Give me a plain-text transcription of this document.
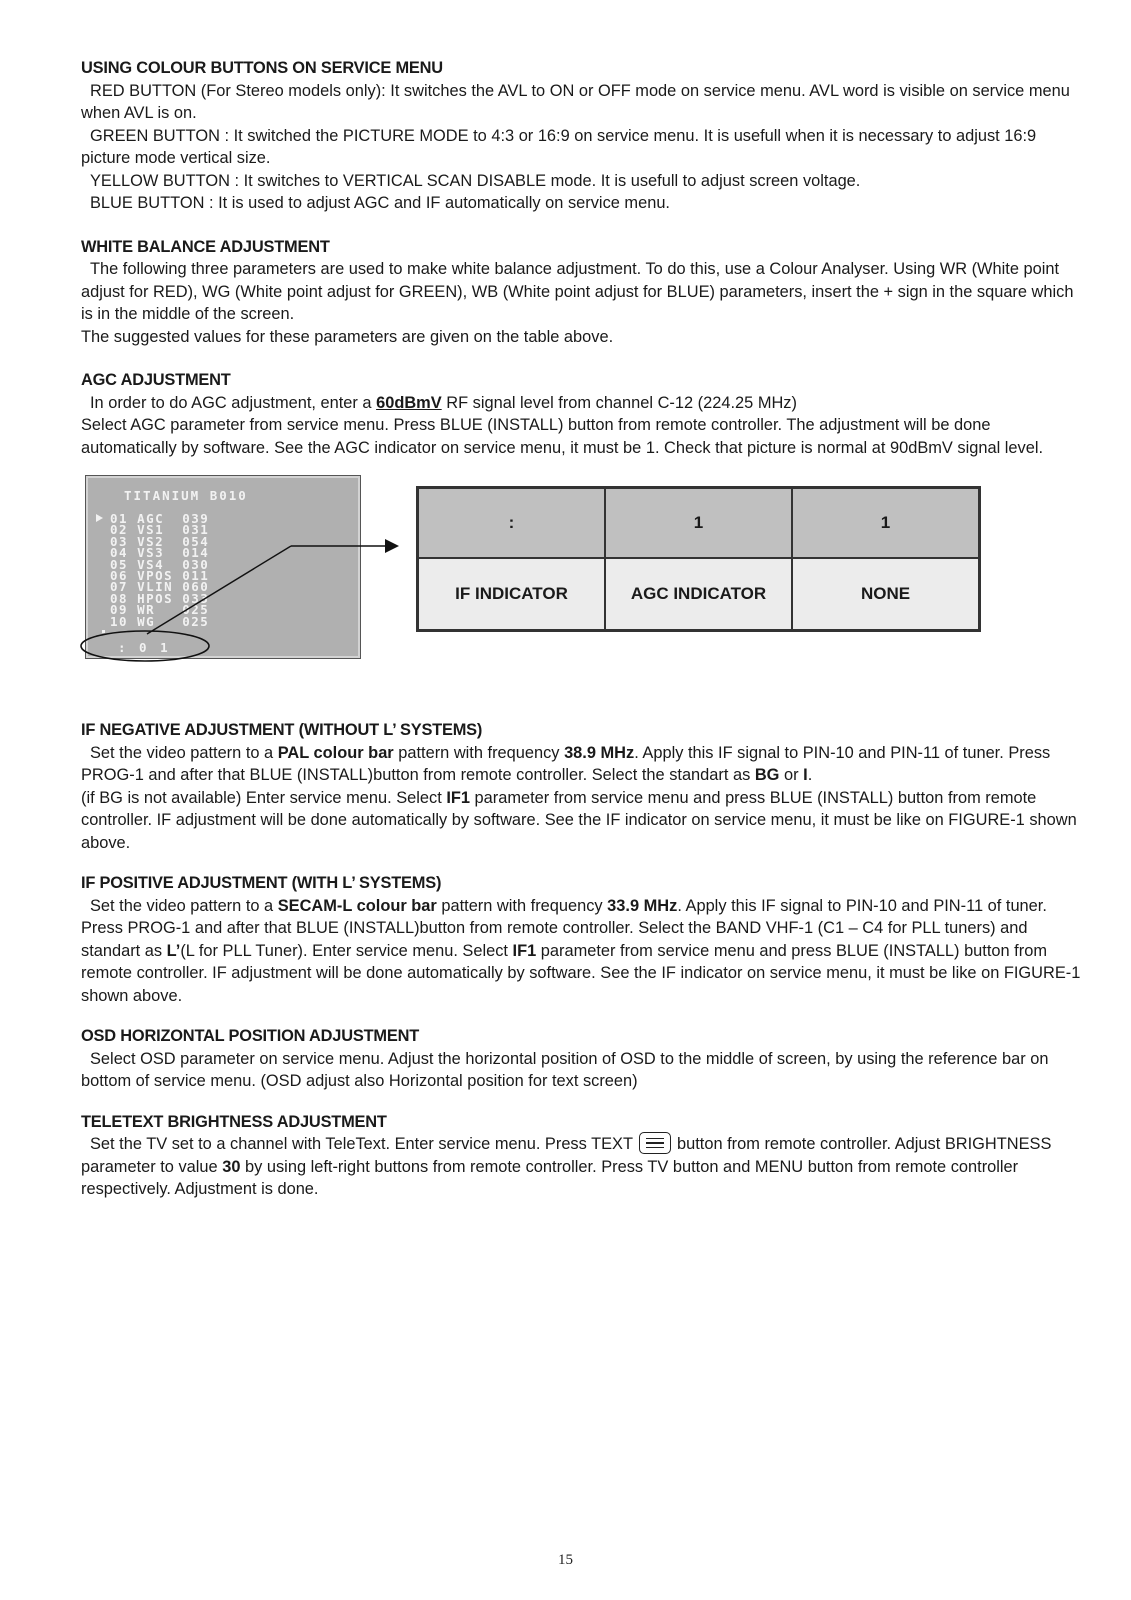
USING COLOUR BUTTONS ON SERVICE MENU

RED BUTTON (For Stereo models only): It switches the AVL to ON or OFF mode on service menu. AVL word is visible on service menu when AVL is on.

GREEN BUTTON : It switched the PICTURE MODE to 4:3 or 16:9 on service menu. It is usefull when it is necessary to adjust 16:9 picture mode vertical size.

YELLOW BUTTON : It switches to VERTICAL SCAN DISABLE mode. It is usefull to adjust screen voltage.

BLUE BUTTON : It is used to adjust AGC and IF automatically on service menu.

WHITE BALANCE ADJUSTMENT

The following three parameters are used to make white balance adjustment. To do this, use a Colour Analyser. Using WR (White point adjust for RED), WG (White point adjust for GREEN), WB (White point adjust for BLUE) parameters, insert the + sign in the square which is in the middle of the screen.

The suggested values for these parameters are given on the table above.

AGC ADJUSTMENT

In order to do AGC adjustment, enter a 60dBmV RF signal level from channel C-12 (224.25 MHz)

Select AGC parameter from service menu. Press BLUE (INSTALL) button from remote controller. The adjustment will be done automatically by software. See the AGC indicator on service menu, it must be 1. Check that picture is normal at 90dBmV signal level.

TITANIUM B010
01 AGC  039
02 VS1  031
03 VS2  054
04 VS3  014
05 VS4  030
06 VPOS 011
07 VLIN 060
08 HPOS 033
09 WR   025
10 WG   025
: 0 1
:	1	1
IF INDICATOR	AGC INDICATOR	NONE
IF NEGATIVE ADJUSTMENT (WITHOUT L’ SYSTEMS)

Set the video pattern to a PAL colour bar pattern with frequency 38.9 MHz. Apply this IF signal to PIN-10 and PIN-11 of tuner. Press PROG-1 and after that BLUE (INSTALL)button from remote controller. Select the standart as BG or I.

(if BG is not available) Enter service menu. Select IF1 parameter from service menu and press BLUE (INSTALL) button from remote controller. IF adjustment will be done automatically by software. See the IF indicator on service menu, it must be like on FIGURE-1 shown above.

IF POSITIVE ADJUSTMENT (WITH L’ SYSTEMS)

Set the video pattern to a SECAM-L colour bar pattern with frequency 33.9 MHz. Apply this IF signal to PIN-10 and PIN-11 of tuner. Press PROG-1 and after that BLUE (INSTALL)button from remote controller. Select the BAND VHF-1 (C1 – C4 for PLL tuners) and standart as L’(L for PLL Tuner). Enter service menu. Select IF1 parameter from service menu and press BLUE (INSTALL) button from remote controller. IF adjustment will be done automatically by software. See the IF indicator on service menu, it must be like on FIGURE-1 shown above.

OSD HORIZONTAL POSITION ADJUSTMENT

Select OSD parameter on service menu. Adjust the horizontal position of OSD to the middle of screen, by using the reference bar on bottom of service menu. (OSD adjust also Horizontal position for text screen)

TELETEXT BRIGHTNESS ADJUSTMENT

Set the TV set to a channel with TeleText. Enter service menu. Press TEXT	button from remote controller. Adjust BRIGHTNESS parameter to value 30 by using left-right buttons from remote controller. Press TV button and MENU button from remote controller respectively. Adjustment is done.

15
